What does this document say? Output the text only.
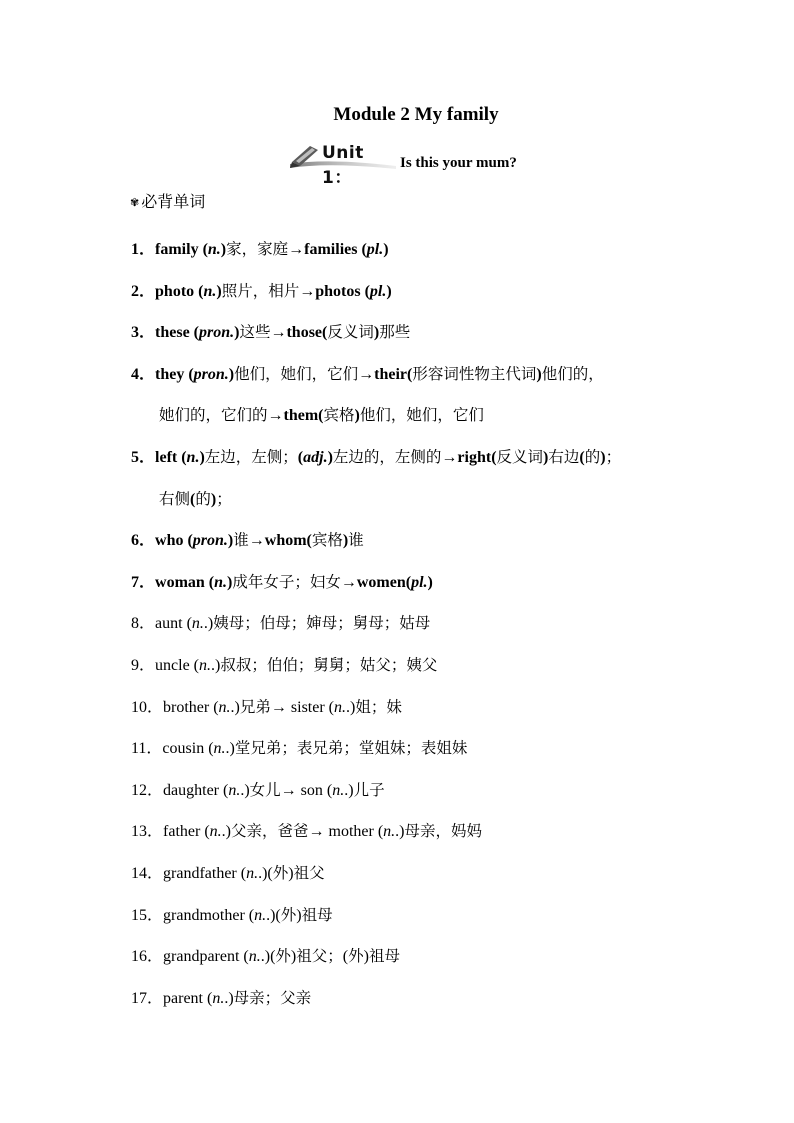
Module 2 My family
Unit 1：
Is this your mum?
✾ 必背单词
1．family (n.)家，家庭→families (pl.)
2．photo (n.)照片，相片→photos (pl.)
3．these (pron.)这些→those(反义词)那些
4．they (pron.)他们，她们，它们→their(形容词性物主代词)他们的，
她们的，它们的→them(宾格)他们，她们，它们
5．left (n.)左边，左侧；(adj.)左边的，左侧的→right(反义词)右边(的)；
右侧(的)；
6．who (pron.)谁→whom(宾格)谁
7．woman (n.)成年女子；妇女→women(pl.)
8．aunt (n..)姨母；伯母；婶母；舅母；姑母
9．uncle (n..)叔叔；伯伯；舅舅；姑父；姨父
10．brother (n..)兄弟→ sister (n..)姐；妹
11．cousin (n..)堂兄弟；表兄弟；堂姐妹；表姐妹
12．daughter (n..)女儿→ son (n..)儿子
13．father (n..)父亲，爸爸→ mother (n..)母亲，妈妈
14．grandfather (n..)(外)祖父
15．grandmother (n..)(外)祖母
16．grandparent (n..)(外)祖父；(外)祖母
17．parent (n..)母亲；父亲
